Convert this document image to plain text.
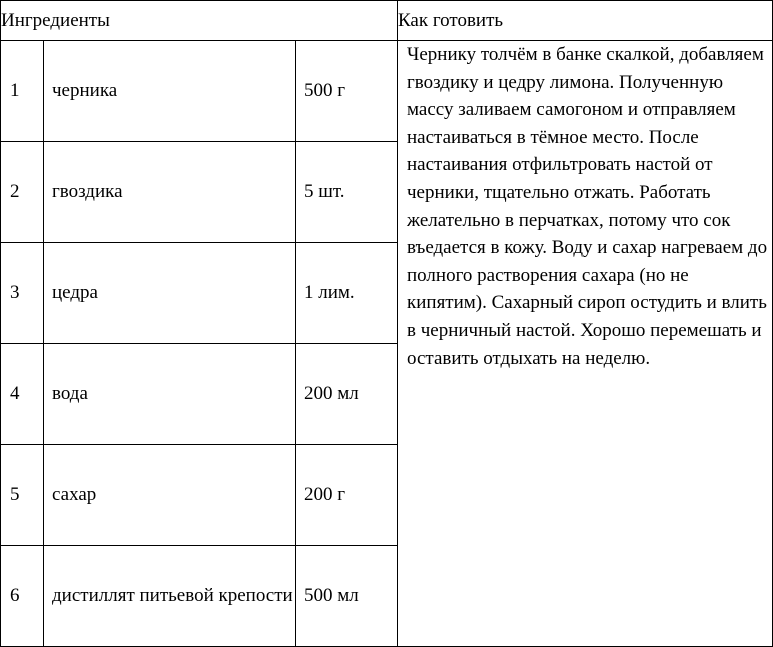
Ингредиенты			Как готовить
1	черника	500 г	Чернику толчём в банке скалкой, добавляем гвоздику и цедру лимона. Полученную массу заливаем самогоном и отправляем настаиваться в тёмное место. После настаивания отфильтровать настой от черники, тщательно отжать. Работать желательно в перчатках, потому что сок въедается в кожу. Воду и сахар нагреваем до полного растворения сахара (но не кипятим). Сахарный сироп остудить и влить в черничный настой. Хорошо перемешать и оставить отдыхать на неделю.

2	гвоздика	5 шт.	
3	цедра	1 лим.	
4	вода	200 мл	
5	сахар	200 г	
6	дистиллят питьевой крепости	500 мл	
